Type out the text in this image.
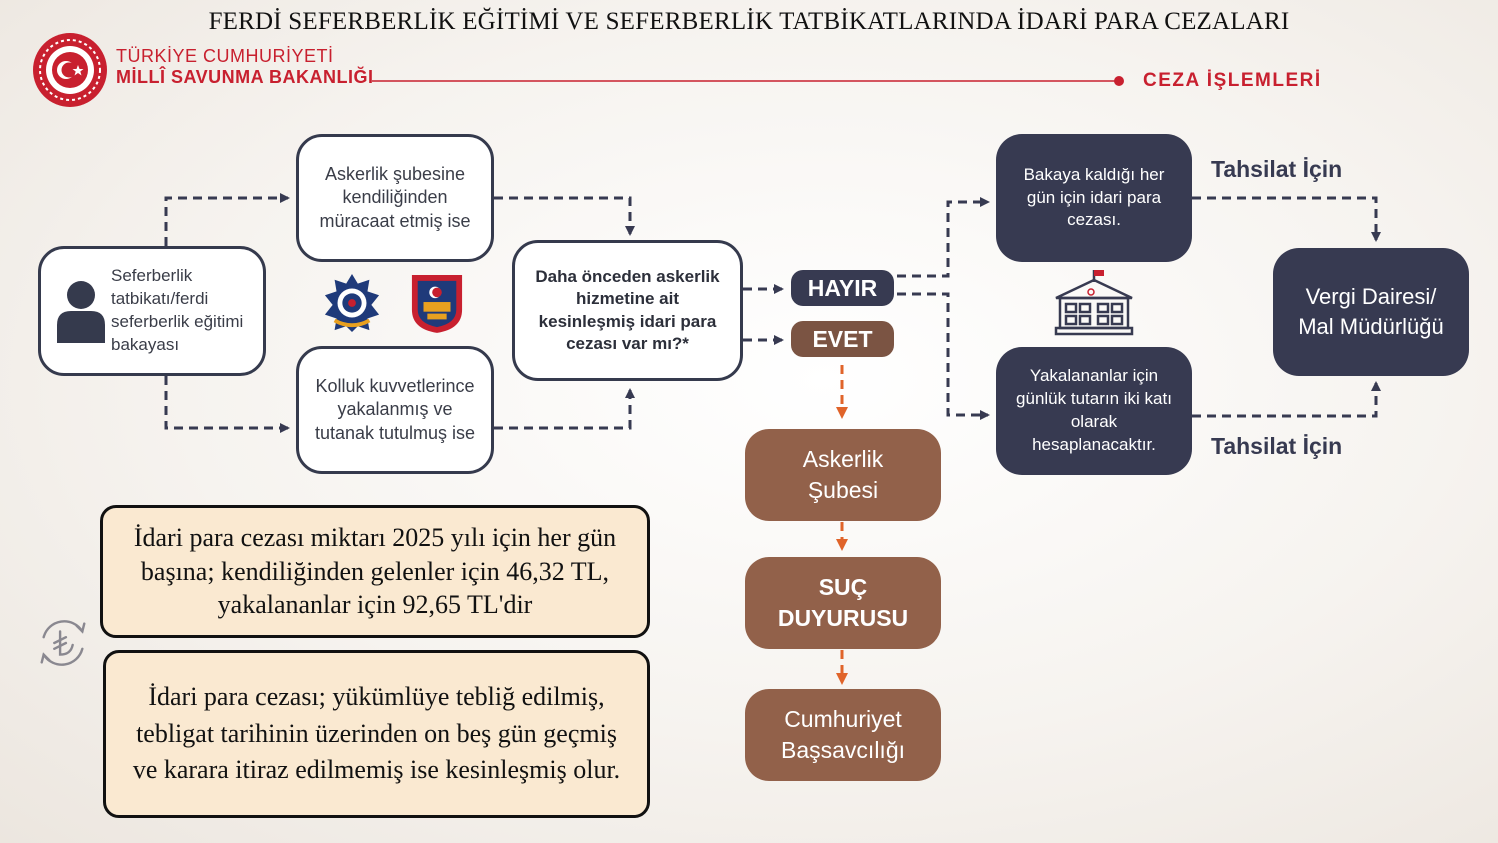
FERDİ SEFERBERLİK EĞİTİMİ VE SEFERBERLİK TATBİKATLARINDA İDARİ PARA CEZALARI
TÜRKİYE CUMHURİYETİ
MİLLÎ SAVUNMA BAKANLIĞI	CEZA İŞLEMLERİ
Seferberlik tatbikatı/ferdi seferberlik eğitimi bakayası
Askerlik şubesine kendiliğinden müracaat etmiş ise
Kolluk kuvvetlerince yakalanmış ve tutanak tutulmuş ise
Daha önceden askerlik hizmetine ait kesinleşmiş idari para cezası var mı?*
HAYIR
EVET
Bakaya kaldığı her gün için idari para cezası.
Yakalananlar için günlük tutarın iki katı olarak hesaplanacaktır.
Vergi Dairesi/ Mal Müdürlüğü
Tahsilat İçin
Tahsilat İçin
Askerlik Şubesi
SUÇ DUYURUSU
Cumhuriyet Başsavcılığı
İdari para cezası miktarı 2025 yılı için her gün başına; kendiliğinden gelenler için 46,32 TL, yakalananlar için 92,65 TL'dir
İdari para cezası; yükümlüye tebliğ edilmiş, tebligat tarihinin üzerinden on beş gün geçmiş ve karara itiraz edilmemiş ise kesinleşmiş olur.
